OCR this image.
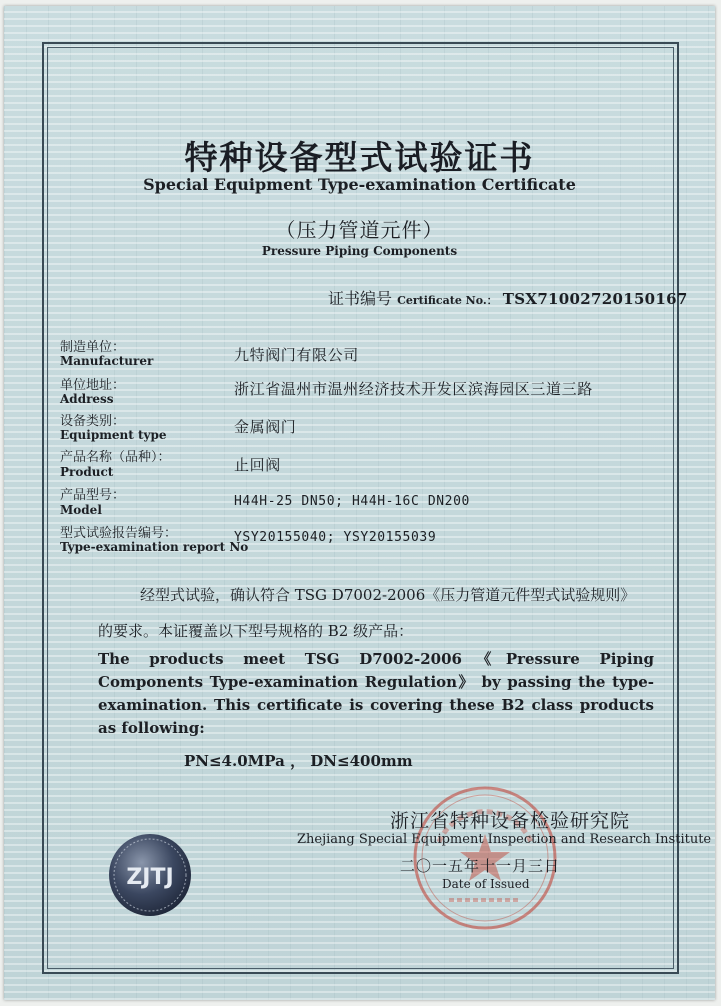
特种设备型式试验证书
Special Equipment Type-examination Certificate
（压力管道元件）
Pressure Piping Components
证书编号 Certificate No.： TSX71002720150167
制造单位：
Manufacturer	九特阀门有限公司
单位地址：
Address
浙江省温州市温州经济技术开发区滨海园区三道三路
设备类别：
Equipment type	金属阀门
产品名称（品种）：
Product	止回阀
产品型号：
Model
H44H-25 DN50; H44H-16C DN200
型式试验报告编号：
Type-examination report No
YSY20155040; YSY20155039
经型式试验，确认符合 TSG D7002-2006《压力管道元件型式试验规则》
的要求。本证覆盖以下型号规格的 B2 级产品：
The products meet TSG D7002-2006《Pressure Piping Components Type-examination Regulation》 by passing the type-examination. This certificate is covering these B2 class products as following:
PN≤4.0MPa ， DN≤400mm
浙江省特种设备检验研究院
Zhejiang Special Equipment Inspection and Research Institute
二〇一五年十一月三日
Date of Issued
ZJTJ
